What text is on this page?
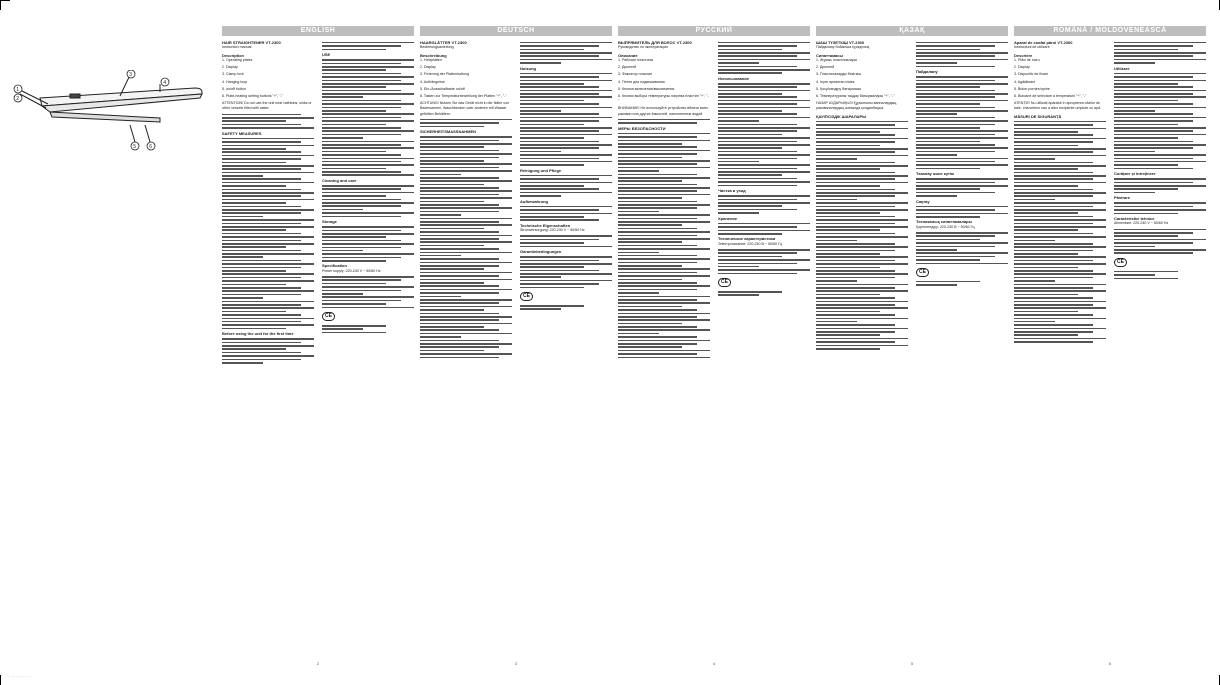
· · · · · · · · · ·
1
2
3
4
5	6
ENGLISH
HAIR STRAIGHTENER VT-2300

Instruction manual

Description

1. Operating plates

2. Display

3. Clamp lock

4. Hanging loop

5. on/off button

6. Plate-heating setting buttons "+", "-"

ATTENTION! Do not use the unit near bathtubs, sinks or other vessels filled with water.

SAFETY MEASURES
Before using the unit for the first time
USE
Cleaning and care
Storage
Specification

Power supply: 220-240 V ~ 50/60 Hz

CE
2
DEUTSCH
HAARGLÄTTER VT-2300

Bedienungsanleitung

Beschreibung

1. Heizplatten

2. Display

3. Fixierung der Plattenhaltung

4. Aufhängeöse

5. Ein-/Ausschalttaste on/off

6. Tasten zur Temperatureinstellung der Platten "+", "-"

ACHTUNG! Nutzen Sie das Gerät nicht in der Nähe von Badewannen, Waschbecken oder anderen mit Wasser gefüllten Behältern.

SICHERHEITSMASSNAHMEN
Nutzung
Reinigung und Pflege
Aufbewahrung
Technische Eigenschaften

Stromversorgung: 220-240 V ~ 50/60 Hz

Garantiebedingungen
CE
3
РУССКИЙ
ВЫПРЯМИТЕЛЬ ДЛЯ ВОЛОС VT-2300

Руководство по эксплуатации

Описание

1. Рабочие пластины

2. Дисплей

3. Фиксатор пластин

4. Петля для подвешивания

5. Кнопка включения/выключения

6. Кнопки выбора температуры нагрева пластин "+", "-"

ВНИМАНИЕ! Не используйте устройство вблизи ванн, раковин или других ёмкостей, наполненных водой.

МЕРЫ БЕЗОПАСНОСТИ
Использование
Чистка и уход
Хранение
Технические характеристики

Электропитание: 220-240 В ~ 50/60 Гц

CE
4
ҚАЗАҚ
ШАШ ТҮЗЕТКІШ VT-2300

Пайдалану бойынша нұсқаулық

Сипаттамасы

1. Жұмыс пластиналары

2. Дисплей

3. Пластиналарды бекіткіш

4. Ілуге арналған ілмек

5. Қосу/сөндіру батырмасы

6. Температураны таңдау батырмалары "+", "-"

НАЗАР АУДАРЫҢЫЗ! Құрылғыны ванналардың, раковиналардың жанында қолданбаңыз.

ҚАУІПСІЗДІК ШАРАЛАРЫ
Пайдалану
Тазалау және күтім
Сақтау
Техникалық сипаттамалары

Қоректендіру: 220-240 В ~ 50/60 Гц

CE
5
ROMÂNĂ / MOLDOVENEASCĂ
Aparat de coafat părul VT-2300

Instrucțiuni de utilizare

Descriere

1. Plăci de lucru

2. Display

3. Dispozitiv de fixare

4. Agățătoare

5. Buton pornire/oprire

6. Butoane de selectare a temperaturii "+", "-"

ATENȚIE! Nu utilizați aparatul în apropierea căzilor de baie, chiuvetelor sau a altor recipiente umplute cu apă.

MĂSURI DE SIGURANȚĂ
Utilizare
Curățare și întreținere
Păstrare
Caracteristici tehnice

Alimentare: 220-240 V ~ 50/60 Hz

CE
6
